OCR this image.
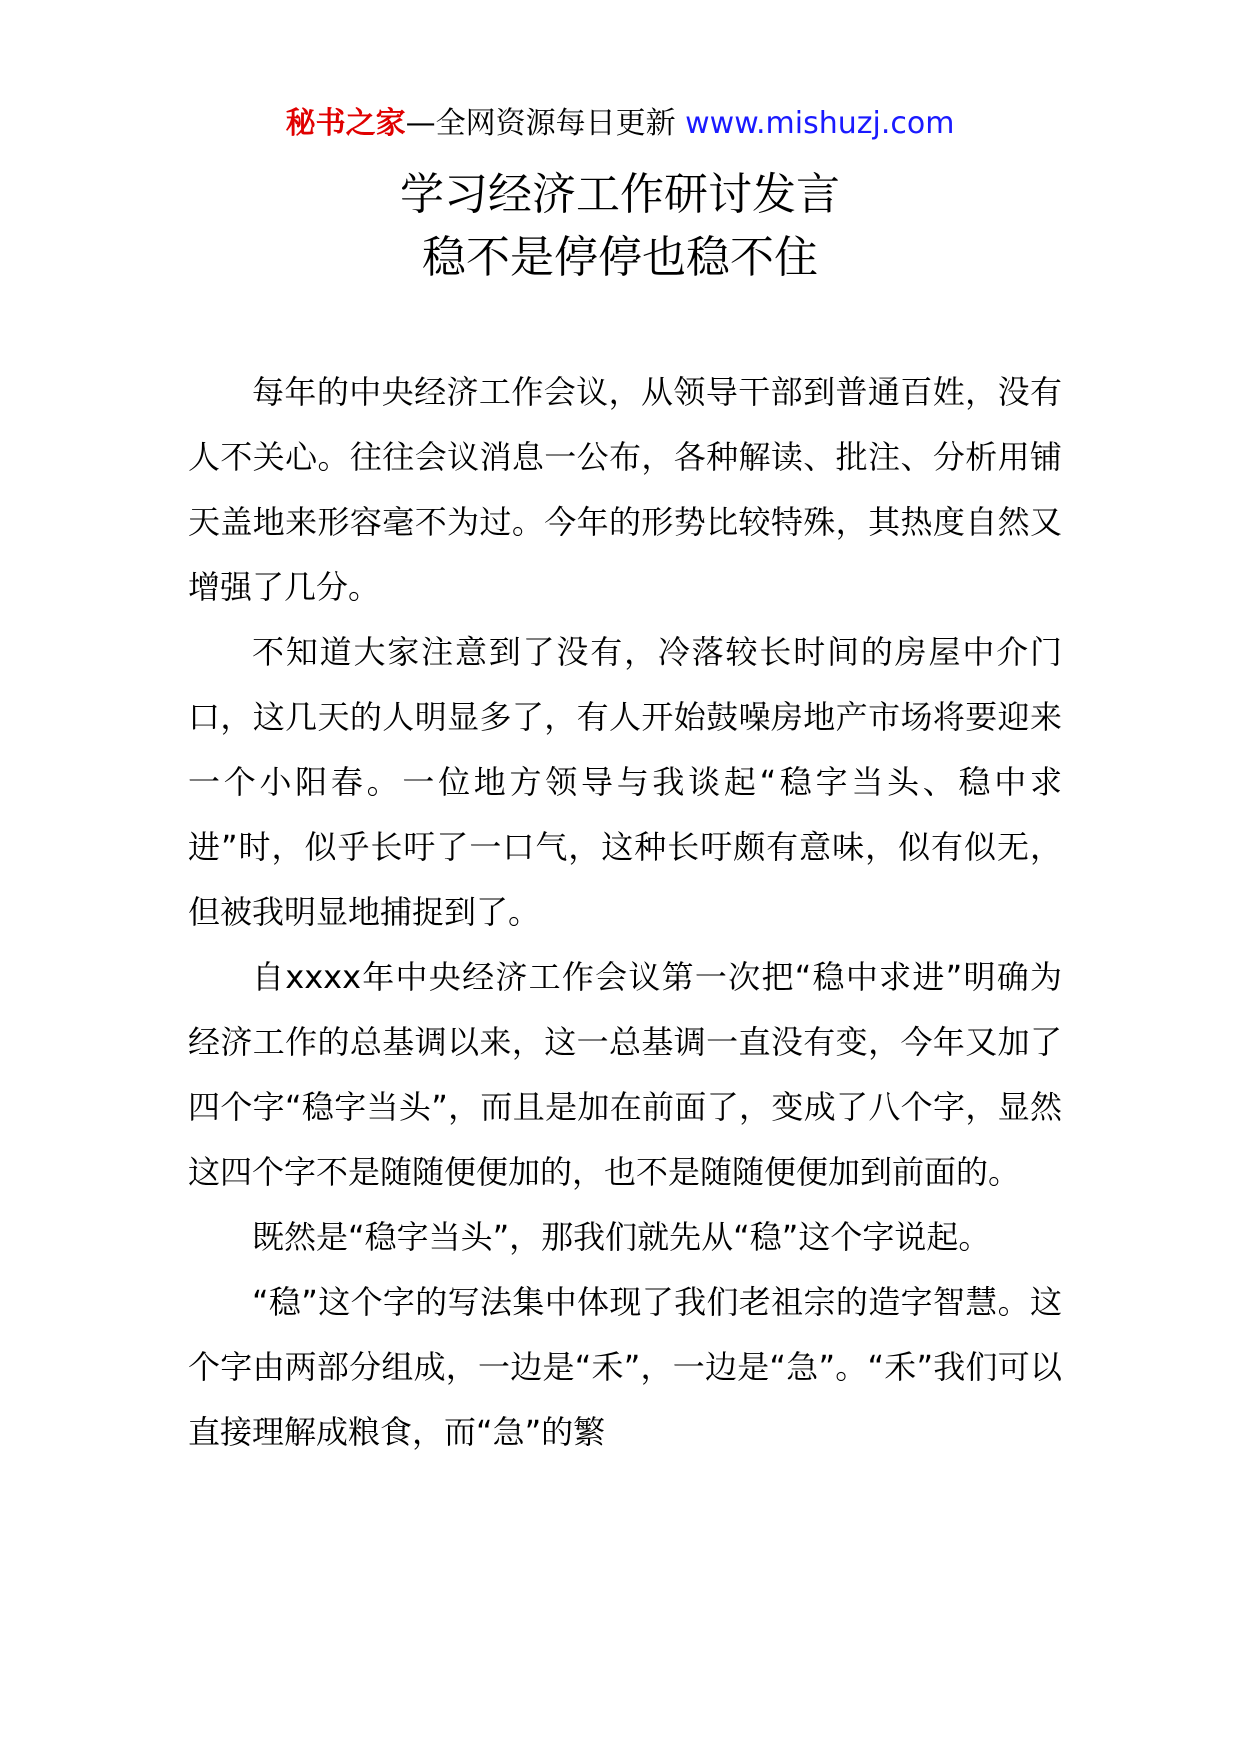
秘书之家—全网资源每日更新 www.mishuzj.com
学习经济工作研讨发言
稳不是停停也稳不住

每年的中央经济工作会议，从领导干部到普通百姓，没有人不关心。往往会议消息一公布，各种解读、批注、分析用铺天盖地来形容毫不为过。今年的形势比较特殊，其热度自然又增强了几分。

不知道大家注意到了没有，冷落较长时间的房屋中介门口，这几天的人明显多了，有人开始鼓噪房地产市场将要迎来一个小阳春。一位地方领导与我谈起“稳字当头、稳中求进”时，似乎长吁了一口气，这种长吁颇有意味，似有似无，但被我明显地捕捉到了。

自xxxx年中央经济工作会议第一次把“稳中求进”明确为经济工作的总基调以来，这一总基调一直没有变，今年又加了四个字“稳字当头”，而且是加在前面了，变成了八个字，显然这四个字不是随随便便加的，也不是随随便便加到前面的。

既然是“稳字当头”，那我们就先从“稳”这个字说起。

“稳”这个字的写法集中体现了我们老祖宗的造字智慧。这个字由两部分组成，一边是“禾”，一边是“急”。“禾”我们可以直接理解成粮食，而“急”的繁
